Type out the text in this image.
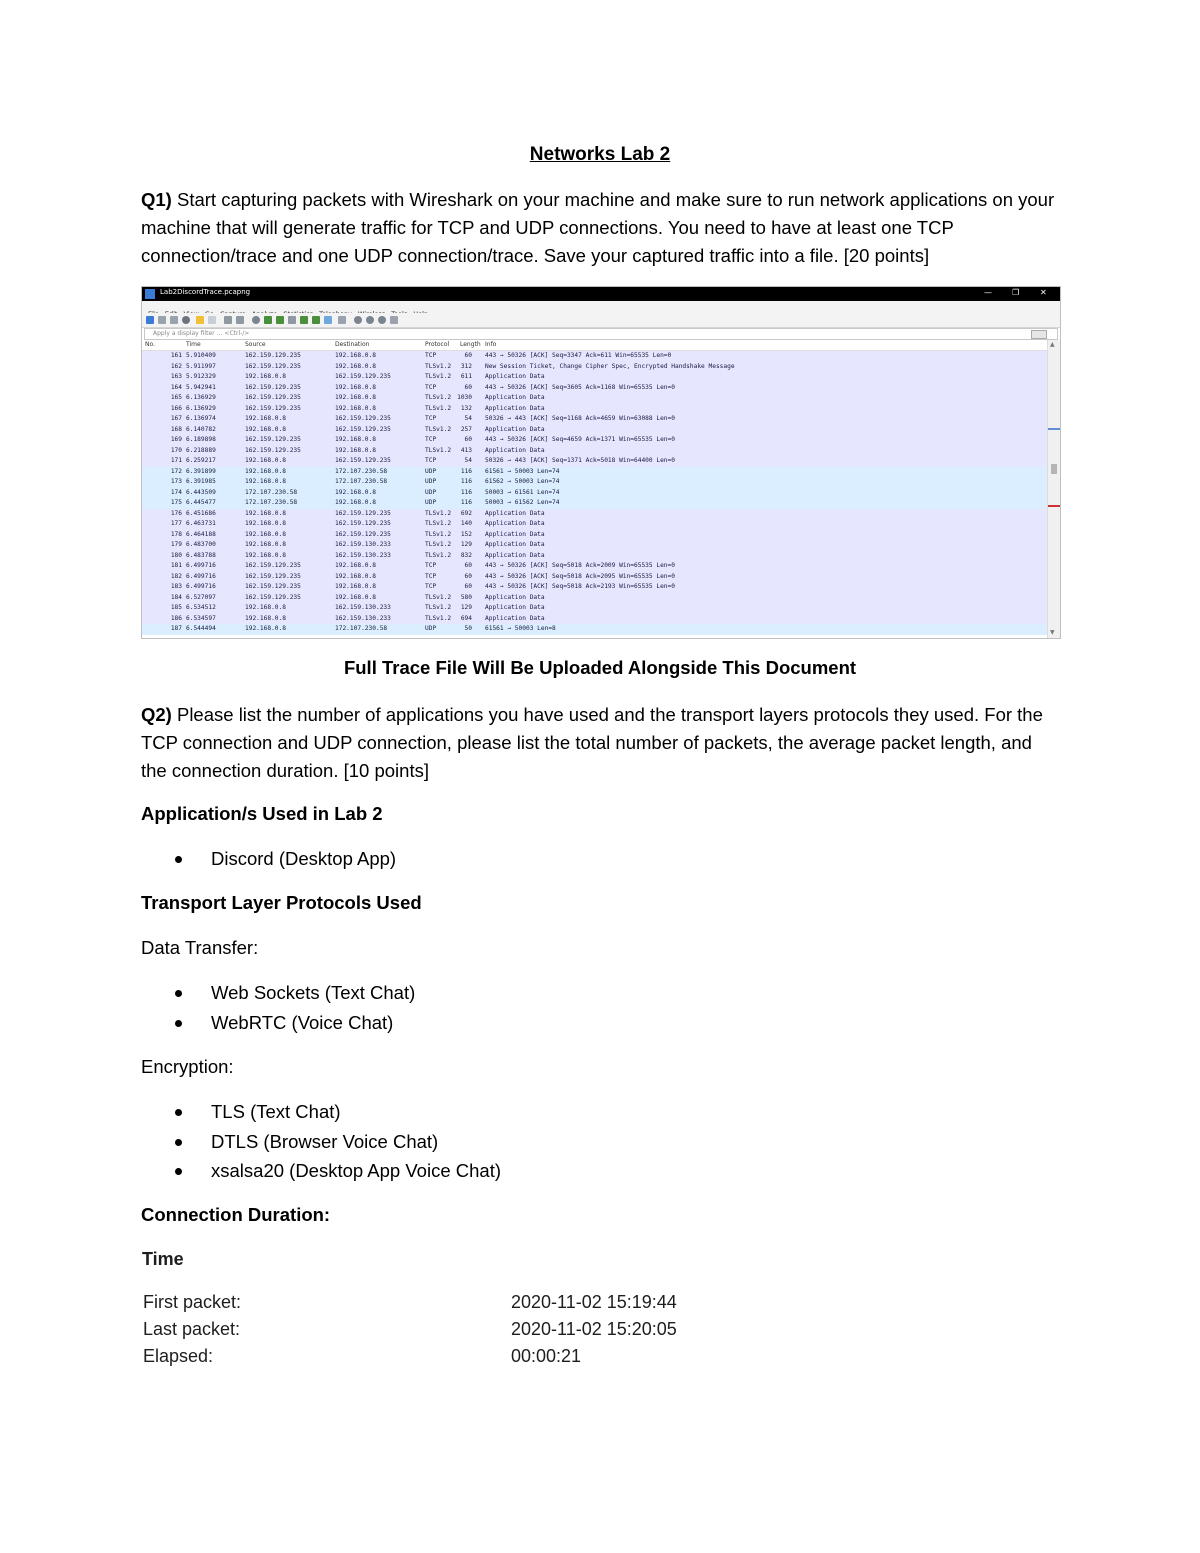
Networks Lab 2
Q1) Start capturing packets with Wireshark on your machine and make sure to run network applications on your machine that will generate traffic for TCP and UDP connections. You need to have at least one TCP connection/trace and one UDP connection/trace. Save your captured traffic into a file. [20 points]
Lab2DiscordTrace.pcapng	—	❐	✕
Apply a display filter … <Ctrl-/>
No.	Time	Source	Destination	Protocol Length Info
161 5.910409	162.159.129.235	192.168.0.8	TCP	60 443 → 50326 [ACK] Seq=3347 Ack=611 Win=65535 Len=0
162 5.911997	162.159.129.235	192.168.0.8	TLSv1.2	312 New Session Ticket, Change Cipher Spec, Encrypted Handshake Message
163 5.912329	192.168.0.8	162.159.129.235	TLSv1.2	611 Application Data
164 5.942941	162.159.129.235	192.168.0.8	TCP	60 443 → 50326 [ACK] Seq=3605 Ack=1168 Win=65535 Len=0
165 6.136929	162.159.129.235	192.168.0.8	TLSv1.2 1030 Application Data
166 6.136929	162.159.129.235	192.168.0.8	TLSv1.2	132 Application Data
167 6.136974	192.168.0.8	162.159.129.235	TCP	54 50326 → 443 [ACK] Seq=1168 Ack=4659 Win=63088 Len=0
168 6.140782	192.168.0.8	162.159.129.235	TLSv1.2	257 Application Data
169 6.189898	162.159.129.235	192.168.0.8	TCP	60 443 → 50326 [ACK] Seq=4659 Ack=1371 Win=65535 Len=0
170 6.218889	162.159.129.235	192.168.0.8	TLSv1.2	413 Application Data
171 6.259217	192.168.0.8	162.159.129.235	TCP	54 50326 → 443 [ACK] Seq=1371 Ack=5018 Win=64400 Len=0
172 6.391899	192.168.0.8	172.107.230.58	UDP	116 61561 → 50003 Len=74
173 6.391985	192.168.0.8	172.107.230.58	UDP	116 61562 → 50003 Len=74
174 6.443509	172.107.230.58	192.168.0.8	UDP	116 50003 → 61561 Len=74
175 6.445477	172.107.230.58	192.168.0.8	UDP	116 50003 → 61562 Len=74
176 6.451686	192.168.0.8	162.159.129.235	TLSv1.2	692 Application Data
177 6.463731	192.168.0.8	162.159.129.235	TLSv1.2	140 Application Data
178 6.464188	192.168.0.8	162.159.129.235	TLSv1.2	152 Application Data
179 6.483700	192.168.0.8	162.159.130.233	TLSv1.2	129 Application Data
180 6.483788	192.168.0.8	162.159.130.233	TLSv1.2	832 Application Data
181 6.499716	162.159.129.235	192.168.0.8	TCP	60 443 → 50326 [ACK] Seq=5018 Ack=2009 Win=65535 Len=0
182 6.499716	162.159.129.235	192.168.0.8	TCP	60 443 → 50326 [ACK] Seq=5018 Ack=2095 Win=65535 Len=0
183 6.499716	162.159.129.235	192.168.0.8	TCP	60 443 → 50326 [ACK] Seq=5018 Ack=2193 Win=65535 Len=0
184 6.527097	162.159.129.235	192.168.0.8	TLSv1.2	580 Application Data
185 6.534512	192.168.0.8	162.159.130.233	TLSv1.2	129 Application Data
186 6.534597	192.168.0.8	162.159.130.233	TLSv1.2	694 Application Data
187 6.544494	192.168.0.8	172.107.230.58	UDP	50 61561 → 50003 Len=8
▲
▼
Full Trace File Will Be Uploaded Alongside This Document
Q2) Please list the number of applications you have used and the transport layers protocols they used. For the TCP connection and UDP connection, please list the total number of packets, the average packet length, and the connection duration. [10 points]
Application/s Used in Lab 2
Discord (Desktop App)
Transport Layer Protocols Used
Data Transfer:
Web Sockets (Text Chat)
WebRTC (Voice Chat)
Encryption:
TLS (Text Chat)
DTLS (Browser Voice Chat)
xsalsa20 (Desktop App Voice Chat)
Connection Duration:
Time
First packet:	2020-11-02 15:19:44
Last packet:	2020-11-02 15:20:05
Elapsed:	00:00:21
